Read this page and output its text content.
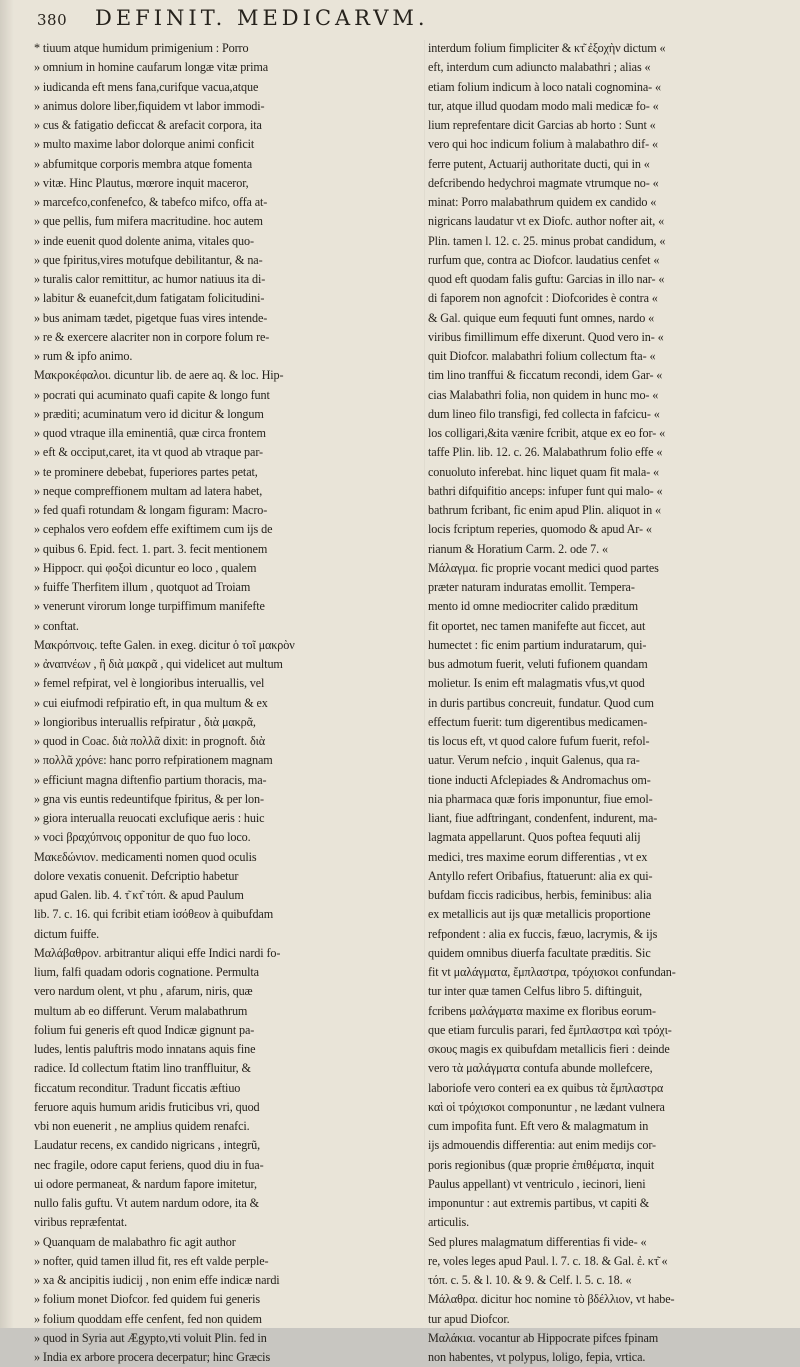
380 DEFINIT. MEDICARVM.
* tiuum atque humidum primigenium : Porro
» omnium in homine caufarum longæ vitæ prima
» iudicanda eft mens fana,curifque vacua,atque
» animus dolore liber,fiquidem vt labor immodi-
» cus & fatigatio deficcat & arefacit corpora, ita
» multo maxime labor dolorque animi conficit
» abfumitque corporis membra atque fomenta
» vitæ. Hinc Plautus, mœrore inquit maceror,
» marcefco,confenefco, & tabefco mifco, offa at-
» que pellis, fum mifera macritudine. hoc autem
» inde euenit quod dolente anima, vitales quo-
» que fpiritus,vires motufque debilitantur, & na-
» turalis calor remittitur, ac humor natiuus ita di-
» labitur & euanefcit,dum fatigatam folicitudini-
» bus animam tædet, pigetque fuas vires intende-
» re & exercere alacriter non in corpore folum re-
» rum & ipfo animo.
Μακροκέφαλοι. dicuntur lib. de aere aq. & loc. Hip-
» pocrati qui acuminato quafi capite & longo funt
» præditi; acuminatum vero id dicitur & longum
» quod vtraque illa eminentiâ, quæ circa frontem
» eft & occiput,caret, ita vt quod ab vtraque par-
» te prominere debebat, fuperiores partes petat,
» neque compreffionem multam ad latera habet,
» fed quafi rotundam & longam figuram: Macro-
» cephalos vero eofdem effe exiftimem cum ijs de
» quibus 6. Epid. fect. 1. part. 3. fecit mentionem
» Hippocr. qui φοξοὶ dicuntur eo loco , qualem
» fuiffe Therfitem illum , quotquot ad Troiam
» venerunt virorum longe turpiffimum manifefte
» conftat.
Μακρόπνοις. tefte Galen. in exeg. dicitur ὁ τοῖ μακρὸν
» ἀναπνέων , ἢ διὰ μακρᾶ , qui videlicet aut multum
» femel refpirat, vel è longioribus interuallis, vel
» cui eiufmodi refpiratio eft, in qua multum & ex
» longioribus interuallis refpiratur , διὰ μακρᾶ,
» quod in Coac. διὰ πολλᾶ dixit: in prognoft. διὰ
» πολλᾶ χρόνε: hanc porro refpirationem magnam
» efficiunt magna diftenfio partium thoracis, ma-
» gna vis euntis redeuntifque fpiritus, & per lon-
» giora interualla reuocati exclufique aeris : huic
» voci βραχύπνοις opponitur de quo fuo loco.
Μακεδώνιον. medicamenti nomen quod oculis
dolore vexatis conuenit. Defcriptio habetur
apud Galen. lib. 4. τ͂ κτ͂ τόπ. & apud Paulum
lib. 7. c. 16. qui fcribit etiam ἰσόθεον à quibufdam
dictum fuiffe.
Μαλάβαθρον. arbitrantur aliqui effe Indici nardi fo-
lium, falfi quadam odoris cognatione. Permulta
vero nardum olent, vt phu , afarum, niris, quæ
multum ab eo differunt. Verum malabathrum
folium fui generis eft quod Indicæ gignunt pa-
ludes, lentis paluftris modo innatans aquis fine
radice. Id collectum ftatim lino tranffluitur, &
ficcatum reconditur. Tradunt ficcatis æftiuo
feruore aquis humum aridis fruticibus vri, quod
vbi non euenerit , ne amplius quidem renafci.
Laudatur recens, ex candido nigricans , integrũ,
nec fragile, odore caput feriens, quod diu in fua-
ui odore permaneat, & nardum fapore imitetur,
nullo falis guftu. Vt autem nardum odore, ita &
viribus repræfentat.
» Quanquam de malabathro fic agit author
» nofter, quid tamen illud fit, res eft valde perple-
» xa & ancipitis iudicij , non enim effe indicæ nardi
» folium monet Diofcor. fed quidem fui generis
» folium quoddam effe cenfent, fed non quidem
» quod in Syria aut Ægypto,vti voluit Plin. fed in
» India ex arbore procera decerpatur; hinc Græcis
interdum folium fimpliciter & κτ͂ ἐξοχὴν dictum «
eft, interdum cum adiuncto malabathri ; alias «
etiam folium indicum à loco natali cognomina- «
tur, atque illud quodam modo mali medicæ fo- «
lium reprefentare dicit Garcias ab horto : Sunt «
vero qui hoc indicum folium à malabathro dif- «
ferre putent, Actuarij authoritate ducti, qui in «
defcribendo hedychroi magmate vtrumque no- «
minat: Porro malabathrum quidem ex candido «
nigricans laudatur vt ex Diofc. author nofter ait, «
Plin. tamen l. 12. c. 25. minus probat candidum, «
rurfum que, contra ac Diofcor. laudatius cenfet «
quod eft quodam falis guftu: Garcias in illo nar- «
di faporem non agnofcit : Diofcorides è contra «
& Gal. quique eum fequuti funt omnes, nardo «
viribus fimillimum effe dixerunt. Quod vero in- «
quit Diofcor. malabathri folium collectum fta- «
tim lino tranffui & ficcatum recondi, idem Gar- «
cias Malabathri folia, non quidem in hunc mo- «
dum lineo filo transfigi, fed collecta in fafcicu- «
los colligari,&ita vænire fcribit, atque ex eo for- «
taffe Plin. lib. 12. c. 26. Malabathrum folio effe «
conuoluto inferebat. hinc liquet quam fit mala- «
bathri difquifitio anceps: infuper funt qui malo- «
bathrum fcribant, fic enim apud Plin. aliquot in «
locis fcriptum reperies, quomodo & apud Ar- «
rianum & Horatium Carm. 2. ode 7. «
Μάλαγμα. fic proprie vocant medici quod partes
præter naturam induratas emollit. Tempera-
mento id omne mediocriter calido præditum
fit oportet, nec tamen manifefte aut ficcet, aut
humectet : fic enim partium induratarum, qui-
bus admotum fuerit, veluti fufionem quandam
molietur. Is enim eft malagmatis vfus,vt quod
in duris partibus concreuit, fundatur. Quod cum
effectum fuerit: tum digerentibus medicamen-
tis locus eft, vt quod calore fufum fuerit, refol-
uatur. Verum nefcio , inquit Galenus, qua ra-
tione inducti Afclepiades & Andromachus om-
nia pharmaca quæ foris imponuntur, fiue emol-
liant, fiue adftringant, condenfent, indurent, ma-
lagmata appellarunt. Quos poftea fequuti alij
medici, tres maxime eorum differentias , vt ex
Antyllo refert Oribafius, ftatuerunt: alia ex qui-
bufdam ficcis radicibus, herbis, feminibus: alia
ex metallicis aut ijs quæ metallicis proportione
refpondent : alia ex fuccis, fæuo, lacrymis, & ijs
quidem omnibus diuerfa facultate præditis. Sic
fit vt μαλάγματα, ἔμπλαστρα, τρόχισκοι confundan-
tur inter quæ tamen Celfus libro 5. diftinguit,
fcribens μαλάγματα maxime ex floribus eorum-
que etiam furculis parari, fed ἔμπλαστρα καὶ τρόχι-
σκους magis ex quibufdam metallicis fieri : deinde
vero τὰ μαλάγματα contufa abunde mollefcere,
laboriofe vero conteri ea ex quibus τὰ ἔμπλαστρα
καὶ οἱ τρόχισκοι componuntur , ne lædant vulnera
cum impofita funt. Eft vero & malagmatum in
ijs admouendis differentia: aut enim medijs cor-
poris regionibus (quæ proprie ἐπιθέματα, inquit
Paulus appellant) vt ventriculo , iecinori, lieni
imponuntur : aut extremis partibus, vt capiti &
articulis.
Sed plures malagmatum differentias fi vide- «
re, voles leges apud Paul. l. 7. c. 18. & Gal. ἐ. κτ͂ «
τόπ. c. 5. & l. 10. & 9. & Celf. l. 5. c. 18. «
Μάλαθρα. dicitur hoc nomine τὸ βδέλλιον, vt habe-
tur apud Diofcor.
Μαλάκια. vocantur ab Hippocrate pifces fpinam
non habentes, vt polypus, loligo, fepia, vrtica.
